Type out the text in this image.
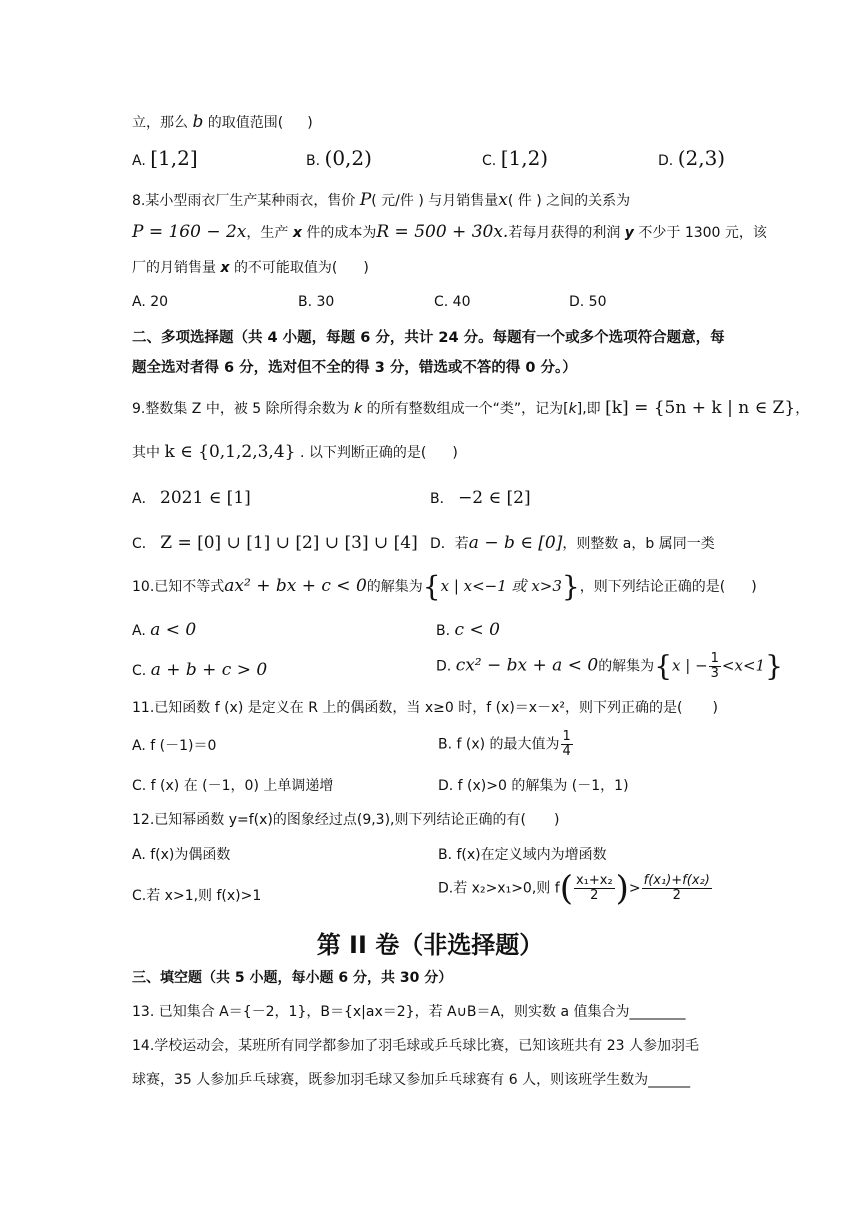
立，那么 b 的取值范围( )
A. [1,2]	B. (0,2)	C. [1,2)	D. (2,3)
8.某小型雨衣厂生产某种雨衣，售价 P( 元/件 ) 与月销售量x( 件 ) 之间的关系为
P = 160 − 2x，生产 x 件的成本为R = 500 + 30x.若每月获得的利润 y 不少于 1300 元，该
厂的月销售量 x 的不可能取值为( )
A. 20	B. 30	C. 40	D. 50
二、多项选择题（共 4 小题，每题 6 分，共计 24 分。每题有一个或多个选项符合题意，每
题全选对者得 6 分，选对但不全的得 3 分，错选或不答的得 0 分。）
9.整数集 Z 中，被 5 除所得余数为 k 的所有整数组成一个“类”，记为[k],即 [k] = {5n + k | n ∈ Z}，
其中 k ∈ {0,1,2,3,4} . 以下判断正确的是( )
A． 2021 ∈ [1]	B． −2 ∈ [2]
C． Z = [0] ∪ [1] ∪ [2] ∪ [3] ∪ [4] D．若a − b ∈ [0]，则整数 a，b 属同一类
10.已知不等式ax² + bx + c < 0的解集为{x | x<−1 或 x>3}，则下列结论正确的是( )
A. a < 0	B. c < 0
C. a + b + c > 0	D. cx² − bx + a < 0的解集为{x | − $\frac{1}{3} <x<1$}
11.已知函数 f (x) 是定义在 R 上的偶函数，当 x≥0 时，f (x)＝x－x²，则下列正确的是( )
A. f (－1)＝0	B. f (x) 的最大值为 $\frac{1}{4}$
C. f (x) 在 (－1，0) 上单调递增	D. f (x)>0 的解集为 (－1，1)
12.已知幂函数 y=f(x)的图象经过点(9,3),则下列结论正确的有( )
A. f(x)为偶函数	B. f(x)在定义域内为增函数
C.若 x>1,则 f(x)>1	D.若 x₂>x₁>0,则 $f( \frac{\text{x₁+x₂}}{2}$ )> $\frac{\text{f(x₁)+f(x₂)}}{2}$
第 II 卷（非选择题）
三、填空题（共 5 小题，每小题 6 分，共 30 分）
13. 已知集合 A＝{－2，1}，B＝{x|ax＝2}，若 A∪B＝A，则实数 a 值集合为________
14.学校运动会，某班所有同学都参加了羽毛球或乒乓球比赛，已知该班共有 23 人参加羽毛
球赛，35 人参加乒乓球赛，既参加羽毛球又参加乒乓球赛有 6 人，则该班学生数为______
